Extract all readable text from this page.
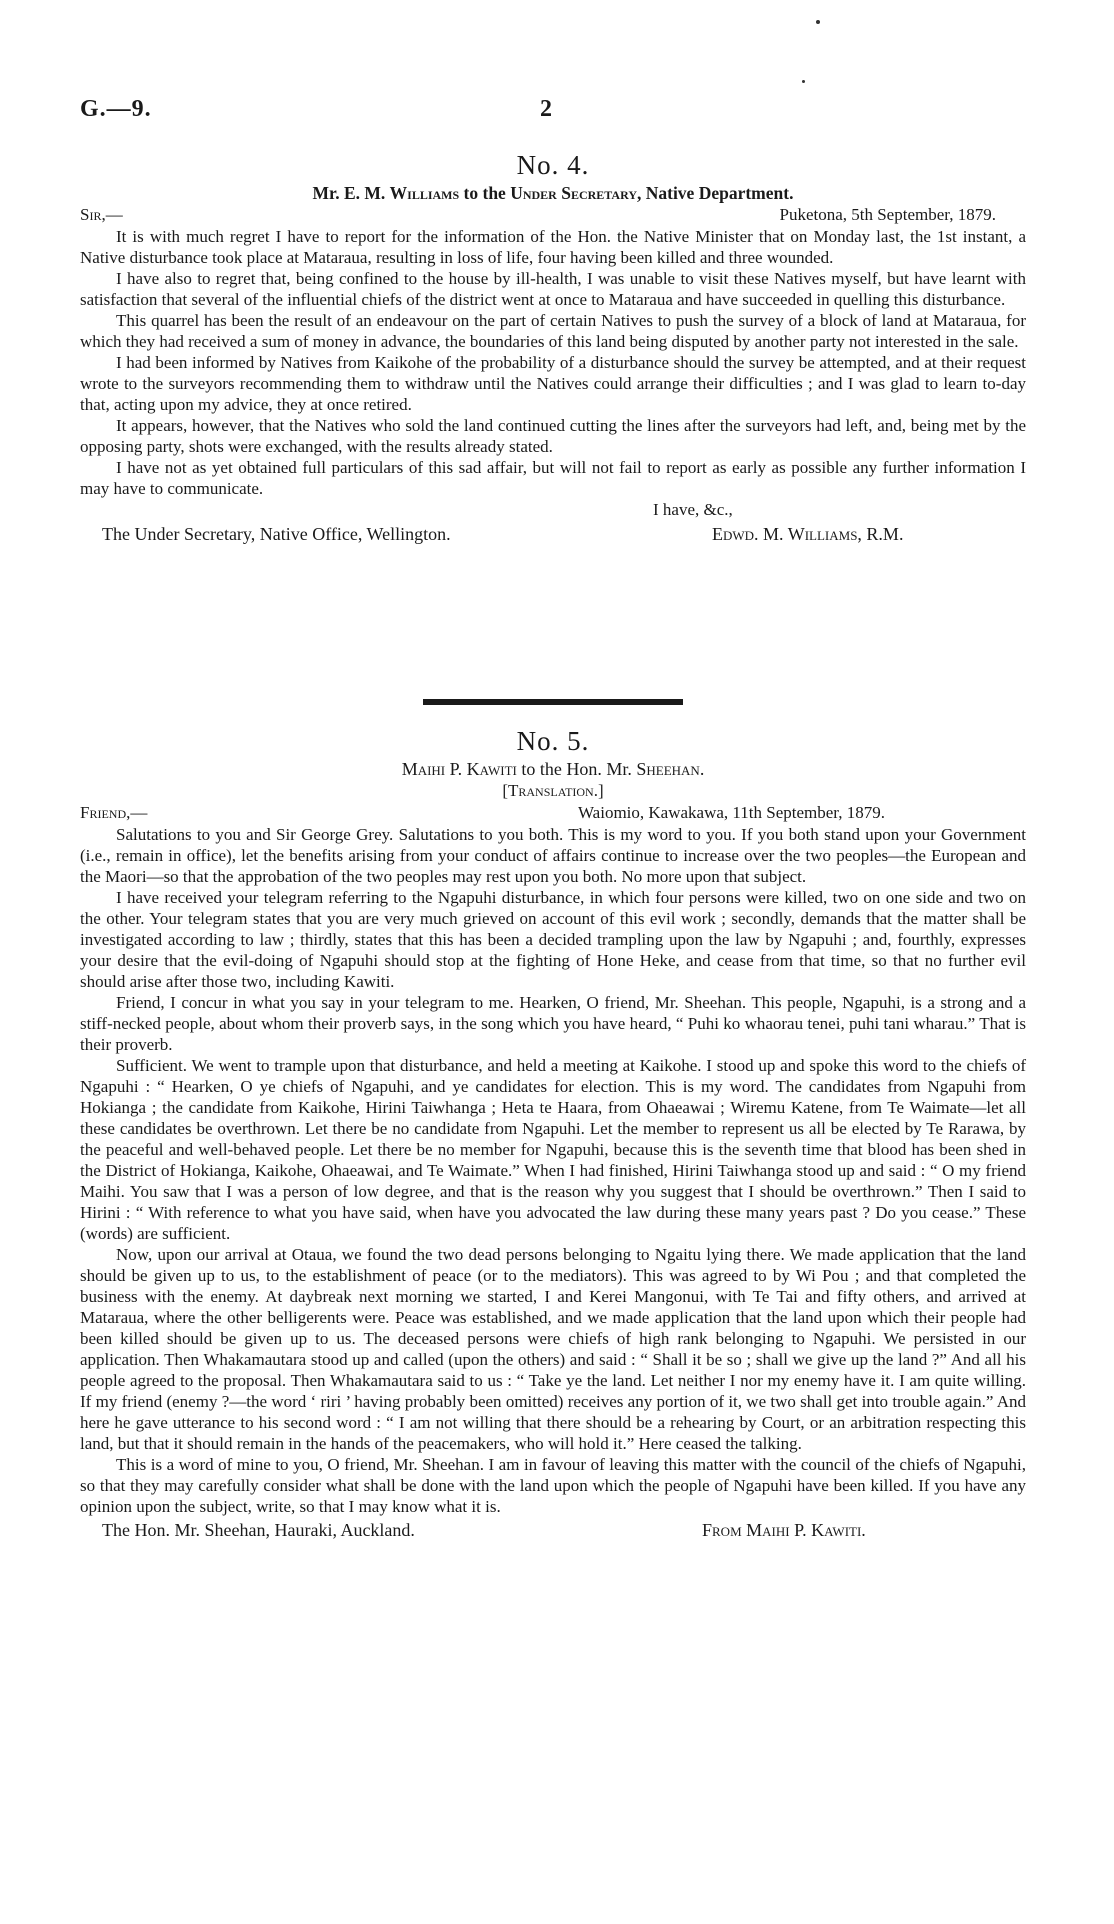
G.—9.	2
No. 4.
Mr. E. M. Williams to the Under Secretary, Native Department.
Sir,—	Puketona, 5th September, 1879.

It is with much regret I have to report for the information of the Hon. the Native Minister that on Monday last, the 1st instant, a Native disturbance took place at Mataraua, resulting in loss of life, four having been killed and three wounded.

I have also to regret that, being confined to the house by ill-health, I was unable to visit these Natives myself, but have learnt with satisfaction that several of the influential chiefs of the district went at once to Mataraua and have succeeded in quelling this disturbance.

This quarrel has been the result of an endeavour on the part of certain Natives to push the survey of a block of land at Mataraua, for which they had received a sum of money in advance, the boundaries of this land being disputed by another party not interested in the sale.

I had been informed by Natives from Kaikohe of the probability of a disturbance should the survey be attempted, and at their request wrote to the surveyors recommending them to withdraw until the Natives could arrange their difficulties ; and I was glad to learn to-day that, acting upon my advice, they at once retired.

It appears, however, that the Natives who sold the land continued cutting the lines after the surveyors had left, and, being met by the opposing party, shots were exchanged, with the results already stated.

I have not as yet obtained full particulars of this sad affair, but will not fail to report as early as possible any further information I may have to communicate.

I have, &c.,
The Under Secretary, Native Office, Wellington.	Edwd. M. Williams, R.M.
No. 5.
Maihi P. Kawiti to the Hon. Mr. Sheehan.
[Translation.]
Friend,—	Waiomio, Kawakawa, 11th September, 1879.

Salutations to you and Sir George Grey. Salutations to you both. This is my word to you. If you both stand upon your Government (i.e., remain in office), let the benefits arising from your conduct of affairs continue to increase over the two peoples—the European and the Maori—so that the approbation of the two peoples may rest upon you both. No more upon that subject.

I have received your telegram referring to the Ngapuhi disturbance, in which four persons were killed, two on one side and two on the other. Your telegram states that you are very much grieved on account of this evil work ; secondly, demands that the matter shall be investigated according to law ; thirdly, states that this has been a decided trampling upon the law by Ngapuhi ; and, fourthly, expresses your desire that the evil-doing of Ngapuhi should stop at the fighting of Hone Heke, and cease from that time, so that no further evil should arise after those two, including Kawiti.

Friend, I concur in what you say in your telegram to me. Hearken, O friend, Mr. Sheehan. This people, Ngapuhi, is a strong and a stiff-necked people, about whom their proverb says, in the song which you have heard, “ Puhi ko whaorau tenei, puhi tani wharau.” That is their proverb.

Sufficient. We went to trample upon that disturbance, and held a meeting at Kaikohe. I stood up and spoke this word to the chiefs of Ngapuhi : “ Hearken, O ye chiefs of Ngapuhi, and ye candidates for election. This is my word. The candidates from Ngapuhi from Hokianga ; the candidate from Kaikohe, Hirini Taiwhanga ; Heta te Haara, from Ohaeawai ; Wiremu Katene, from Te Waimate—let all these candidates be overthrown. Let there be no candidate from Ngapuhi. Let the member to represent us all be elected by Te Rarawa, by the peaceful and well-behaved people. Let there be no member for Ngapuhi, because this is the seventh time that blood has been shed in the District of Hokianga, Kaikohe, Ohaeawai, and Te Waimate.” When I had finished, Hirini Taiwhanga stood up and said : “ O my friend Maihi. You saw that I was a person of low degree, and that is the reason why you suggest that I should be overthrown.” Then I said to Hirini : “ With reference to what you have said, when have you advocated the law during these many years past ? Do you cease.” These (words) are sufficient.

Now, upon our arrival at Otaua, we found the two dead persons belonging to Ngaitu lying there. We made application that the land should be given up to us, to the establishment of peace (or to the mediators). This was agreed to by Wi Pou ; and that completed the business with the enemy. At daybreak next morning we started, I and Kerei Mangonui, with Te Tai and fifty others, and arrived at Mataraua, where the other belligerents were. Peace was established, and we made application that the land upon which their people had been killed should be given up to us. The deceased persons were chiefs of high rank belonging to Ngapuhi. We persisted in our application. Then Whakamautara stood up and called (upon the others) and said : “ Shall it be so ; shall we give up the land ?” And all his people agreed to the proposal. Then Whakamautara said to us : “ Take ye the land. Let neither I nor my enemy have it. I am quite willing. If my friend (enemy ?—the word ‘ riri ’ having probably been omitted) receives any portion of it, we two shall get into trouble again.” And here he gave utterance to his second word : “ I am not willing that there should be a rehearing by Court, or an arbitration respecting this land, but that it should remain in the hands of the peacemakers, who will hold it.” Here ceased the talking.

This is a word of mine to you, O friend, Mr. Sheehan. I am in favour of leaving this matter with the council of the chiefs of Ngapuhi, so that they may carefully consider what shall be done with the land upon which the people of Ngapuhi have been killed. If you have any opinion upon the subject, write, so that I may know what it is.

The Hon. Mr. Sheehan, Hauraki, Auckland.	From Maihi P. Kawiti.
